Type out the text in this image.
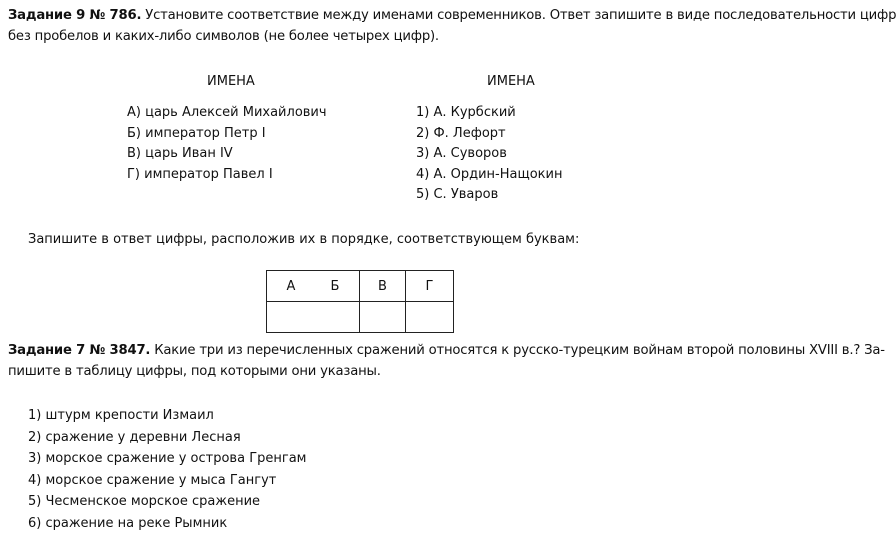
Задание 9 № 786. Установите соответствие между именами современников. Ответ запишите в виде последовательности цифр
без пробелов и каких-либо символов (не более четырех цифр).
ИМЕНА	ИМЕНА
А) царь Алексей Михайлович
Б) император Петр I
В) царь Иван IV
Г) император Павел I
1) А. Курбский
2) Ф. Лефорт
3) А. Суворов
4) А. Ордин-Нащокин
5) С. Уваров
Запишите в ответ цифры, расположив их в порядке, соответствующем буквам:
А Б	В	Г

Задание 7 № 3847. Какие три из перечисленных сражений относятся к русско-турецким войнам второй половины XVIII в.? За-
пишите в таблицу цифры, под которыми они указаны.
1) штурм крепости Измаил
2) сражение у деревни Лесная
3) морское сражение у острова Гренгам
4) морское сражение у мыса Гангут
5) Чесменское морское сражение
6) сражение на реке Рымник
